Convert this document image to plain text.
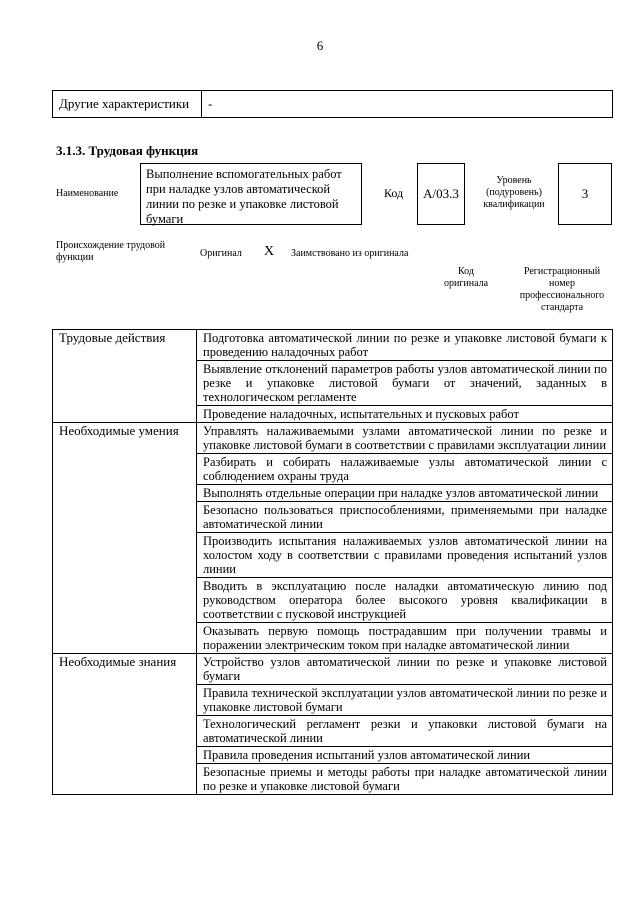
6
Другие характеристики	-
3.1.3. Трудовая функция
Наименование
Выполнение вспомогательных работ при наладке узлов автоматической линии по резке и упаковке листовой бумаги
Код	A/03.3
Уровень (подуровень) квалификации
3
Происхождение трудовой функции	Оригинал X Заимствовано из оригинала
Код оригинала
Регистрационный номер профессионального стандарта
Трудовые действия	Подготовка автоматической линии по резке и упаковке листовой бумаги к проведению наладочных работ
	Выявление отклонений параметров работы узлов автоматической линии по резке и упаковке листовой бумаги от значений, заданных в технологическом регламенте
	Проведение наладочных, испытательных и пусковых работ
Необходимые умения	Управлять налаживаемыми узлами автоматической линии по резке и упаковке листовой бумаги в соответствии с правилами эксплуатации линии
	Разбирать и собирать налаживаемые узлы автоматической линии с соблюдением охраны труда
	Выполнять отдельные операции при наладке узлов автоматической линии
	Безопасно пользоваться приспособлениями, применяемыми при наладке автоматической линии
	Производить испытания налаживаемых узлов автоматической линии на холостом ходу в соответствии с правилами проведения испытаний узлов линии
	Вводить в эксплуатацию после наладки автоматическую линию под руководством оператора более высокого уровня квалификации в соответствии с пусковой инструкцией
	Оказывать первую помощь пострадавшим при получении травмы и поражении электрическим током при наладке автоматической линии
Необходимые знания	Устройство узлов автоматической линии по резке и упаковке листовой бумаги
	Правила технической эксплуатации узлов автоматической линии по резке и упаковке листовой бумаги
	Технологический регламент резки и упаковки листовой бумаги на автоматической линии
	Правила проведения испытаний узлов автоматической линии
	Безопасные приемы и методы работы при наладке автоматической линии по резке и упаковке листовой бумаги
